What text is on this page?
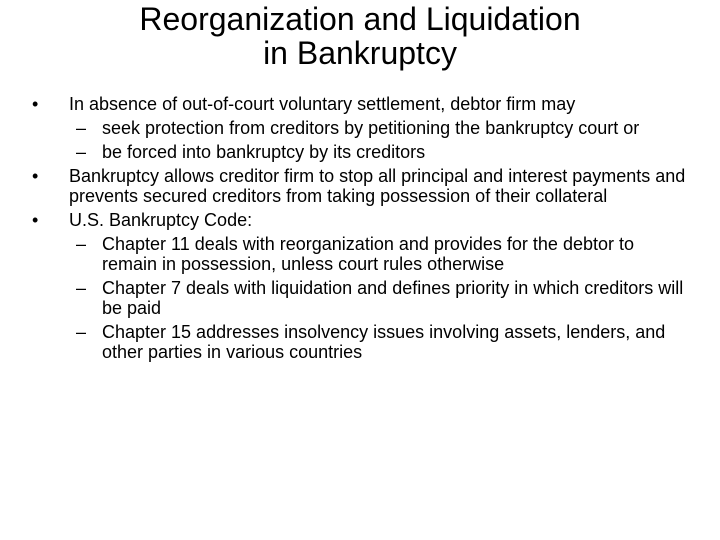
Reorganization and Liquidation
in Bankruptcy
•	In absence of out-of-court voluntary settlement, debtor firm may
– seek protection from creditors by petitioning the bankruptcy court or
– be forced into bankruptcy by its creditors
•	Bankruptcy allows creditor firm to stop all principal and interest payments and prevents secured creditors from taking possession of their collateral
•	U.S. Bankruptcy Code:
– Chapter 11 deals with reorganization and provides for the debtor to remain in possession, unless court rules otherwise
– Chapter 7 deals with liquidation and defines priority in which creditors will be paid
– Chapter 15 addresses insolvency issues involving assets, lenders, and other parties in various countries
